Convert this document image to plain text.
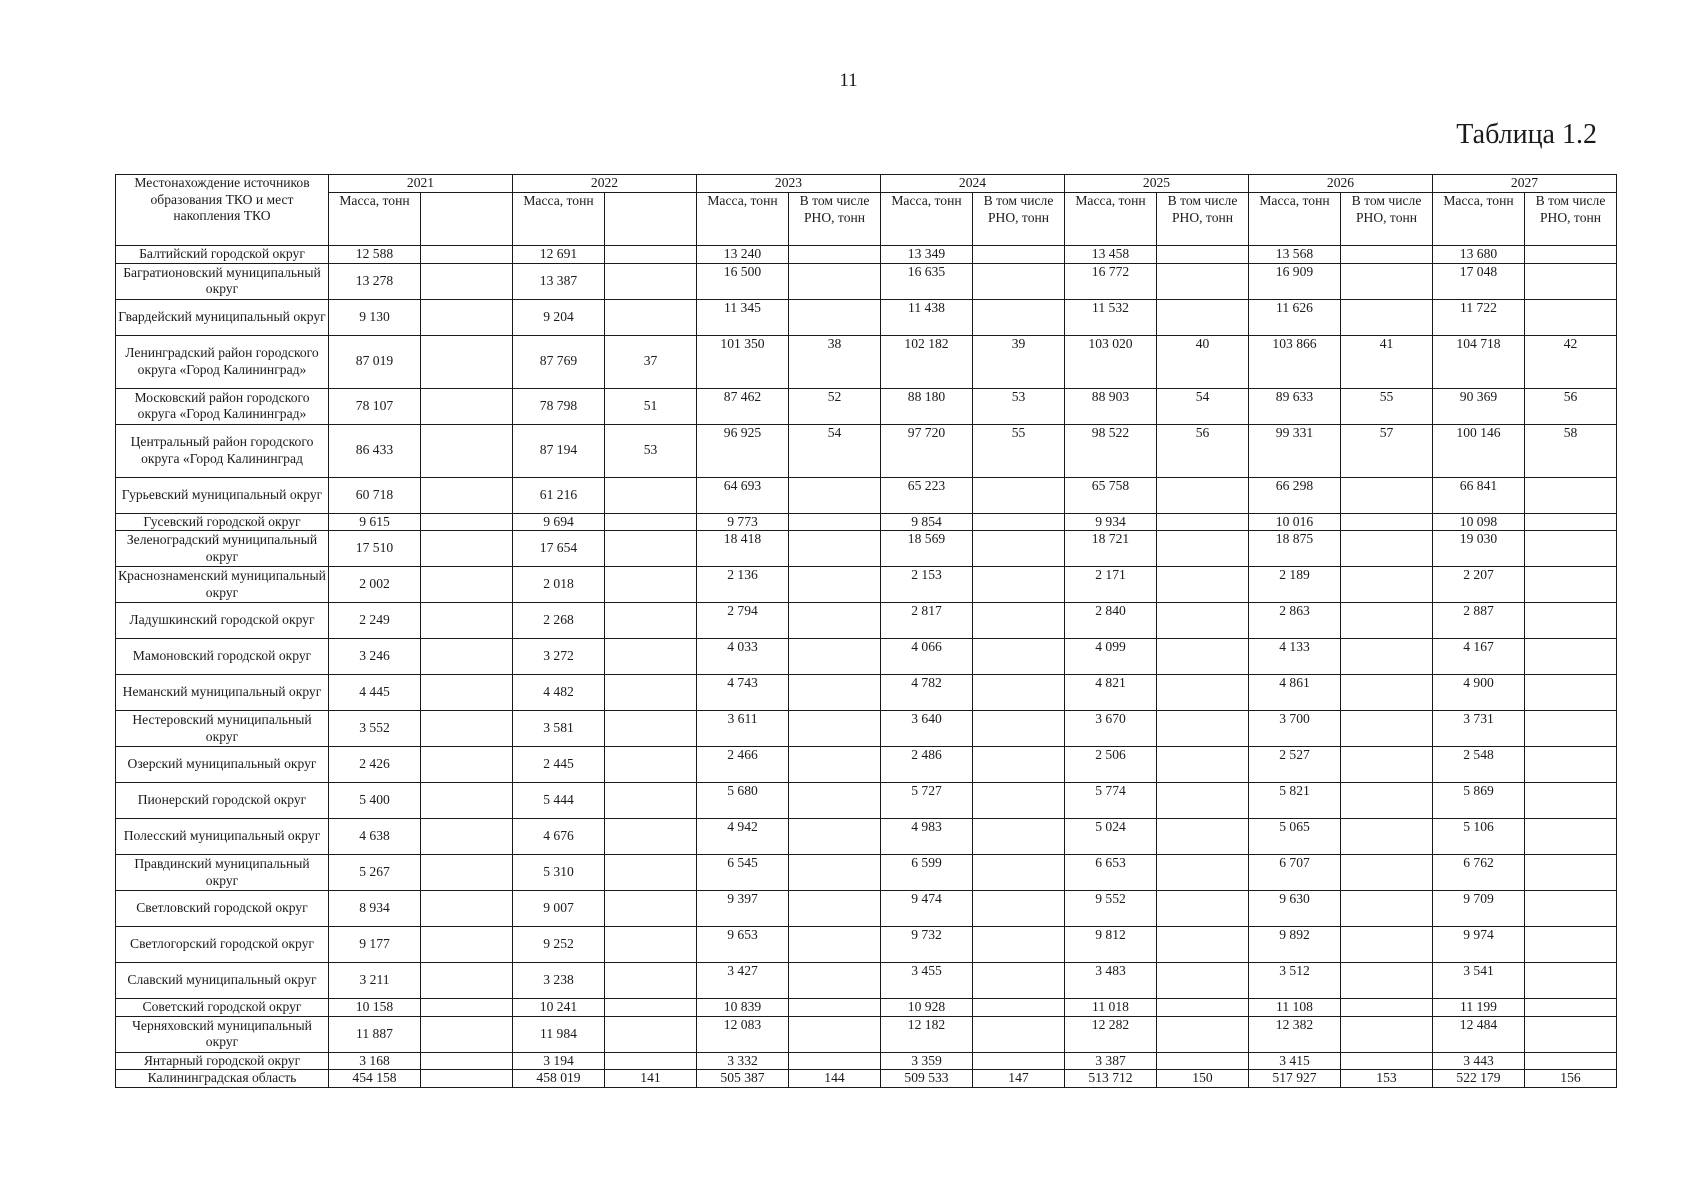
11
Таблица 1.2
Местонахождение источников образования ТКО и мест накопления ТКО	2021		2022		2023		2024		2025		2026		2027	
	Масса, тонн		Масса, тонн		Масса, тонн	В том числе РНО, тонн	Масса, тонн	В том числе РНО, тонн	Масса, тонн	В том числе РНО, тонн	Масса, тонн	В том числе РНО, тонн	Масса, тонн	В том числе РНО, тонн
Балтийский городской округ	12 588		12 691		13 240		13 349		13 458		13 568		13 680	
Багратионовский муниципальный округ	13 278		13 387		16 500		16 635		16 772		16 909		17 048	
Гвардейский муниципальный округ	9 130		9 204		11 345		11 438		11 532		11 626		11 722	
Ленинградский район городского округа «Город Калининград»	87 019		87 769	37	101 350	38	102 182	39	103 020	40	103 866	41	104 718	42
Московский район городского округа «Город Калининград»	78 107		78 798	51	87 462	52	88 180	53	88 903	54	89 633	55	90 369	56
Центральный район городского округа «Город Калининград	86 433		87 194	53	96 925	54	97 720	55	98 522	56	99 331	57	100 146	58
Гурьевский муниципальный округ	60 718		61 216		64 693		65 223		65 758		66 298		66 841	
Гусевский городской округ	9 615		9 694		9 773		9 854		9 934		10 016		10 098	
Зеленоградский муниципальный округ	17 510		17 654		18 418		18 569		18 721		18 875		19 030	
Краснознаменский муниципальный округ	2 002		2 018		2 136		2 153		2 171		2 189		2 207	
Ладушкинский городской округ	2 249		2 268		2 794		2 817		2 840		2 863		2 887	
Мамоновский городской округ	3 246		3 272		4 033		4 066		4 099		4 133		4 167	
Неманский муниципальный округ	4 445		4 482		4 743		4 782		4 821		4 861		4 900	
Нестеровский муниципальный округ	3 552		3 581		3 611		3 640		3 670		3 700		3 731	
Озерский муниципальный округ	2 426		2 445		2 466		2 486		2 506		2 527		2 548	
Пионерский городской округ	5 400		5 444		5 680		5 727		5 774		5 821		5 869	
Полесский муниципальный округ	4 638		4 676		4 942		4 983		5 024		5 065		5 106	
Правдинский муниципальный округ	5 267		5 310		6 545		6 599		6 653		6 707		6 762	
Светловский городской округ	8 934		9 007		9 397		9 474		9 552		9 630		9 709	
Светлогорский городской округ	9 177		9 252		9 653		9 732		9 812		9 892		9 974	
Славский муниципальный округ	3 211		3 238		3 427		3 455		3 483		3 512		3 541	
Советский городской округ	10 158		10 241		10 839		10 928		11 018		11 108		11 199	
Черняховский муниципальный округ	11 887		11 984		12 083		12 182		12 282		12 382		12 484	
Янтарный городской округ	3 168		3 194		3 332		3 359		3 387		3 415		3 443	
Калининградская область	454 158		458 019	141	505 387	144	509 533	147	513 712	150	517 927	153	522 179	156
